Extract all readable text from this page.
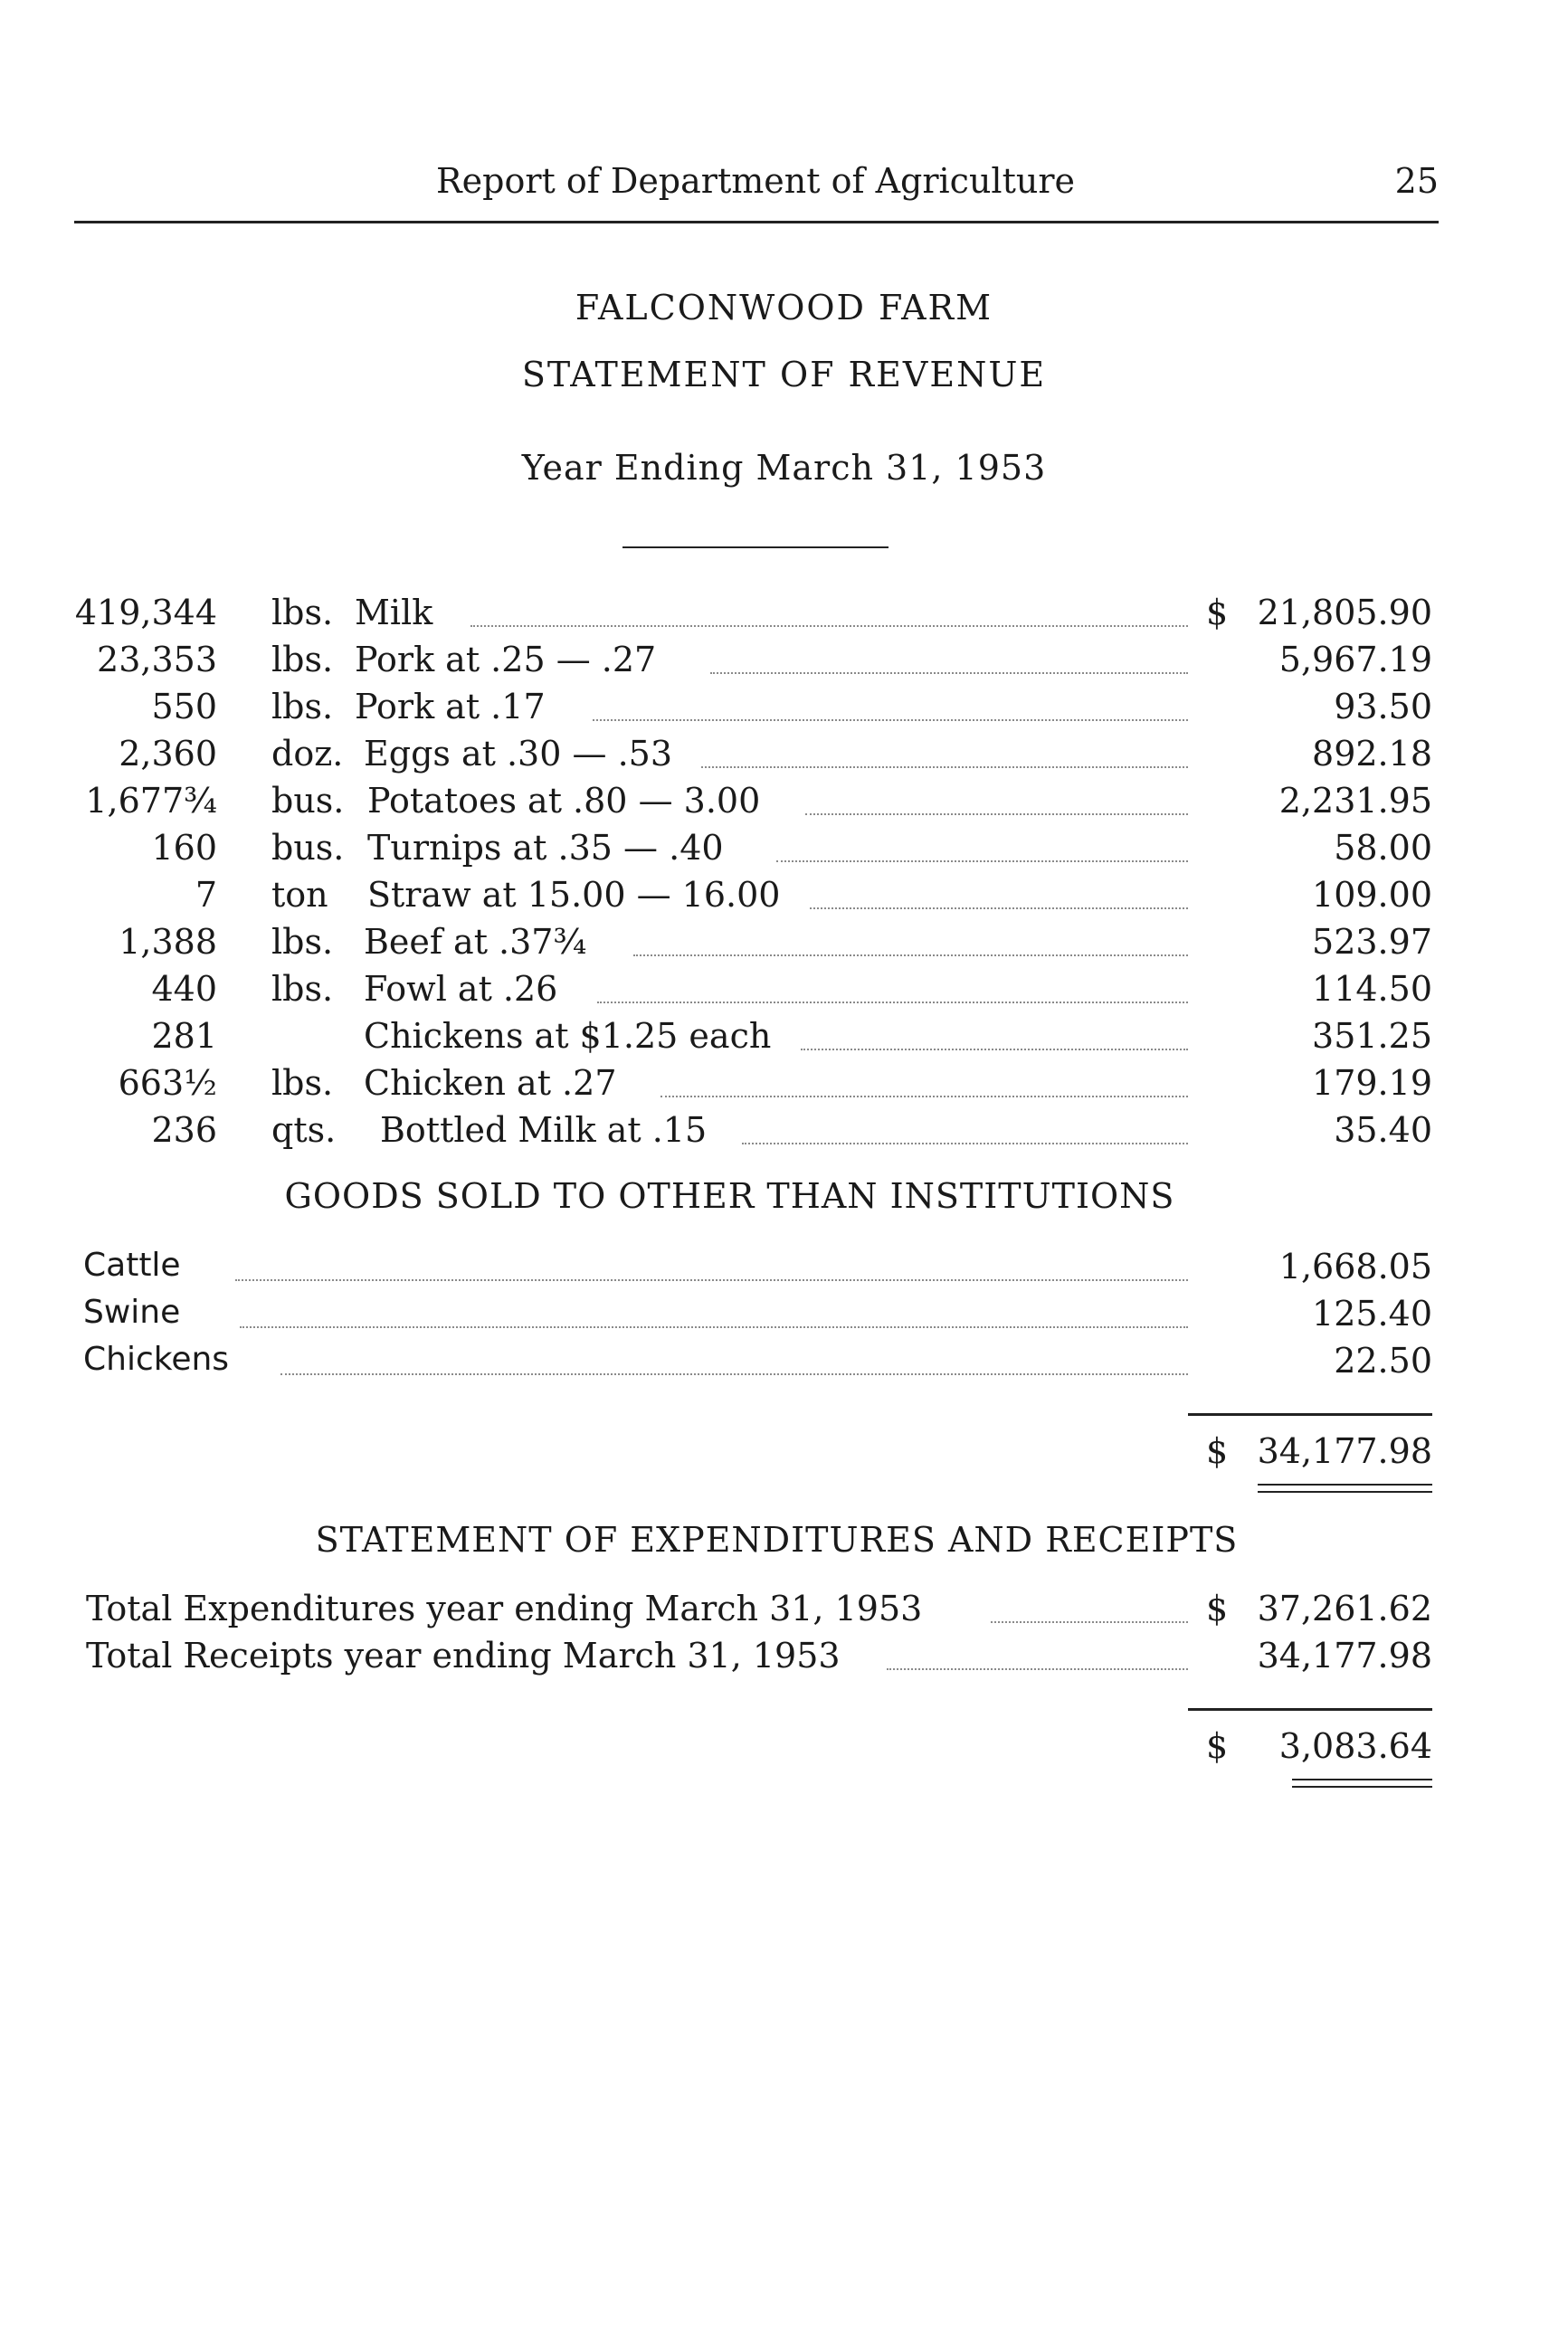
Report of Department of Agriculture	25
FALCONWOOD FARM
STATEMENT OF REVENUE
Year Ending March 31, 1953
419,344 lbs. Milk	$ 21,805.90
23,353 lbs. Pork at .25 — .27	5,967.19
550 lbs. Pork at .17	93.50
2,360 doz. Eggs at .30 — .53	892.18
1,677¾ bus. Potatoes at .80 — 3.00	2,231.95
160 bus. Turnips at .35 — .40	58.00
7 ton Straw at 15.00 — 16.00	109.00
1,388 lbs. Beef at .37¾	523.97
440 lbs. Fowl at .26	114.50
281	Chickens at $1.25 each	351.25
663½ lbs. Chicken at .27	179.19
236 qts. Bottled Milk at .15	35.40
GOODS SOLD TO OTHER THAN INSTITUTIONS
Cattle	1,668.05
Swine	125.40
Chickens	22.50
$ 34,177.98
STATEMENT OF EXPENDITURES AND RECEIPTS
Total Expenditures year ending March 31, 1953	$ 37,261.62
Total Receipts year ending March 31, 1953	34,177.98
$ 3,083.64
